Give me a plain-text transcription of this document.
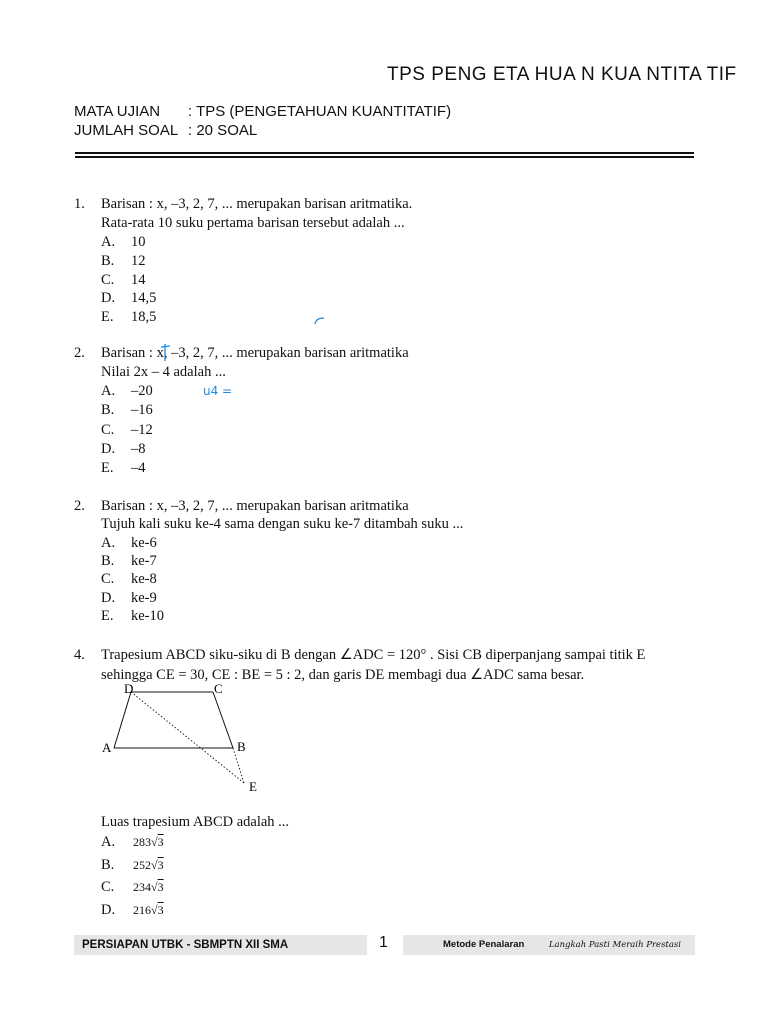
TPS PENG ETA HUA N KUA NTITA TIF
MATA UJIAN : TPS (PENGETAHUAN KUANTITATIF)
JUMLAH SOAL : 20 SOAL
1. Barisan : x, –3, 2, 7, ... merupakan barisan aritmatika.
Rata-rata 10 suku pertama barisan tersebut adalah ...
A. 10
B. 12
C. 14
D. 14,5
E. 18,5
2. Barisan : x, –3, 2, 7, ... merupakan barisan aritmatika
Nilai 2x – 4 adalah ...
A. –20
B. –16
C. –12
D. –8
E. –4
u4 =
2. Barisan : x, –3, 2, 7, ... merupakan barisan aritmatika
Tujuh kali suku ke-4 sama dengan suku ke-7 ditambah suku ...
A. ke-6
B. ke-7
C. ke-8
D. ke-9
E. ke-10
4. Trapesium ABCD siku-siku di B dengan ∠ADC = 120° . Sisi CB diperpanjang sampai titik E
sehingga CE = 30, CE : BE = 5 : 2, dan garis DE membagi dua ∠ADC sama besar.
D	C
A	B
E
Luas trapesium ABCD adalah ...
A. 283√3
B. 252√3
C. 234√3
D. 216√3
PERSIAPAN UTBK - SBMPTN XII SMA	1	Metode Penalaran	Langkah Pasti Meraih Prestasi
